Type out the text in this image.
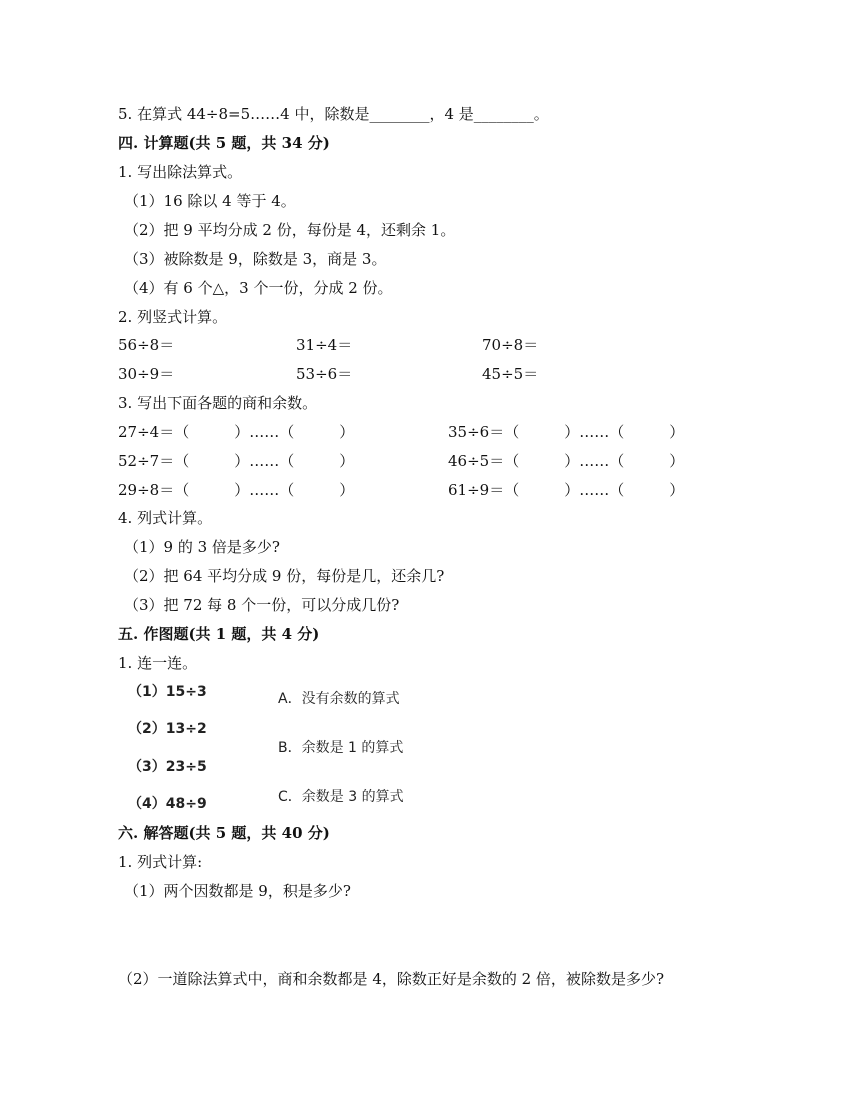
5. 在算式 44÷8=5……4 中，除数是________，4 是________。
四. 计算题(共 5 题，共 34 分)
1. 写出除法算式。
（1）16 除以 4 等于 4。
（2）把 9 平均分成 2 份，每份是 4，还剩余 1。
（3）被除数是 9，除数是 3，商是 3。
（4）有 6 个△，3 个一份，分成 2 份。
2. 列竖式计算。
56÷8＝	31÷4＝	70÷8＝
30÷9＝	53÷6＝	45÷5＝
3. 写出下面各题的商和余数。
27÷4＝（　　　）……（　　　）	35÷6＝（　　　）……（　　　）
52÷7＝（　　　）……（　　　）	46÷5＝（　　　）……（　　　）
29÷8＝（　　　）……（　　　）	61÷9＝（　　　）……（　　　）
4. 列式计算。
（1）9 的 3 倍是多少?
（2）把 64 平均分成 9 份，每份是几，还余几?
（3）把 72 每 8 个一份，可以分成几份?
五. 作图题(共 1 题，共 4 分)
1. 连一连。
（1）15÷3
（2）13÷2
（3）23÷5
（4）48÷9
A．没有余数的算式
B．余数是 1 的算式
C．余数是 3 的算式
六. 解答题(共 5 题，共 40 分)
1. 列式计算:
（1）两个因数都是 9，积是多少?
（2）一道除法算式中，商和余数都是 4，除数正好是余数的 2 倍，被除数是多少?
